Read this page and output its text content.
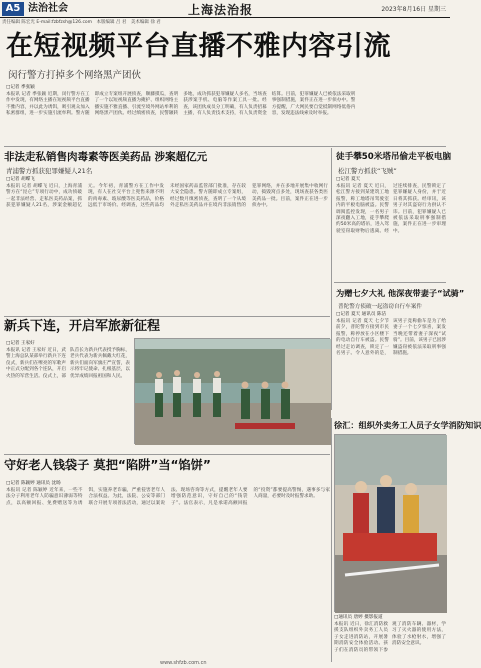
A5 法治社会	上海法治报	2023年8月16日 星期三
责任编辑 陈宏光 E-mail:fzbfzsh@126.com　本版编辑 吕 君　美术编辑 徐 君
在短视频平台直播不雅内容引流
闵行警方打掉多个网络黑产团伙
□记者 季张颖
本报讯 记者 季张颖 近期，闵行警方在工作中发现，有网络主播在短视频平台直播不雅内容，并以此为诱饵，吸引观众加入私密群组，进一步实施引流牟利。警方随即成立专案组开展侦查，顺藤摸瓜，查明了一个以短视频直播为掩护、组织网络主播实施不雅直播、引流至境外网站牟利的网络黑产团伙。经过缜密侦查，民警辗转多地，成功抓获犯罪嫌疑人多名，当场查获涉案手机、电脑等作案工具一批。经查，该团伙成员分工明确，有人负责招募主播，有人负责技术支持，有人负责资金结算。目前，犯罪嫌疑人已被依法采取刑事强制措施，案件正在进一步侦办中。警方提醒，广大网民要自觉抵制网络低俗内容，发现违法线索及时举报。
非法走私销售肉毒素等医美药品 涉案超亿元
青浦警方抓获犯罪嫌疑人21名
□记者 胡蝶飞
本报讯 记者 胡蝶飞 近日，上海青浦警方在“昆仑”专项行动中，成功侦破一起非法经营、走私医美药品案，抓获犯罪嫌疑人21名，涉案金额超亿元。今年初，青浦警方在工作中发现，有人在社交平台上兜售来源不明的肉毒素、玻尿酸等医美药品，价格远低于市场价。经调查，这些药品均未经国家药品监管部门批准，存在较大安全隐患。警方随即成立专案组，经过数月缜密侦查，查明了一个从境外走私医美药品并在境内非法销售的犯罪网络，并在多地开展集中收网行动，捣毁窝点多处，现场查获各类医美药品一批。目前，案件正在进一步侦办中。
徒手攀50米塔吊偷走平板电脑
松江警方抓获“飞贼”
□记者 夏天
本报讯 记者 夏天 近日，松江警方接到某建筑工地报警，称工地塔吊驾驶室内的平板电脑被盗。民警调阅监控发现，一名男子深夜翻入工地，徒手攀爬约50米高的塔吊，进入驾驶室窃取财物后逃离。经过连续排查，民警锁定了犯罪嫌疑人身份，并于近日将其抓获。经审讯，该男子对其盗窃行为供认不讳。目前，犯罪嫌疑人已被依法采取刑事强制措施，案件正在进一步审理中。
为赠七夕大礼 他深夜带妻子“试骑”
普陀警方侦破一起盗窃自行车案件
□记者 夏天 通讯员 陈洁
本报讯 记者 夏天 七夕节前夕，普陀警方接到市民报警，称停放在小区楼下的电动自行车被盗。民警经过走访调查，锁定了一名男子。令人意外的是，该男子竟称偷车是为了给妻子一个七夕惊喜，案发当晚还带着妻子深夜“试骑”。目前，该男子已因涉嫌盗窃被依法采取刑事强制措施。
新兵下连，开启军旅新征程
□记者 王家好
本报讯 记者 王家好 近日，武警上海总队某部举行新兵下连仪式，新兵们在嘹亮的军歌声中正式分配到各个连队，开启火热的军营生活。仪式上，部队首长为新兵代表授予胸标，老兵代表为新兵佩戴大红花，新兵们面向军旗庄严宣誓，表示将牢记使命、扎根基层，以优异成绩回报祖国和人民。
守好老人钱袋子 莫把“陷阱”当“馅饼”
□记者 陈颖婷 通讯员 沈旸
本报讯 记者 陈颖婷 近年来，一些不法分子利用老年人防骗意识薄弱等特点，以高额回报、免费赠送等为诱饵，实施养老诈骗，严重侵害老年人合法权益。为此，法院、公安等部门联合开展专项普法活动，通过以案说法、现场咨询等方式，提醒老年人要增强防范意识，守好自己的“钱袋子”。法官表示，凡是承诺高额回报的“投资”都要提高警惕，遇事多与家人商量，必要时及时报警求助。
徐汇：组织外卖务工人员子女学消防知识
□通讯员 唐婷 摄影报道
本报讯 近日，徐汇消防救援支队组织外卖务工人员子女走进消防站，开展暑期消防安全体验活动。孩子们在消防员的带领下参观了消防车辆、器材，学习了灭火器的使用方法，体验了水枪射水，增强了消防安全意识。
www.shfzb.com.cn
